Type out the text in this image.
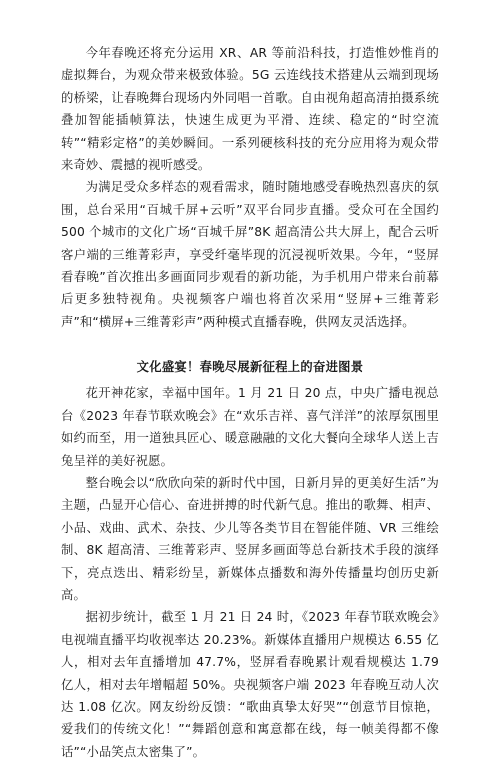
今年春晚还将充分运用 XR、AR 等前沿科技，打造惟妙惟肖的虚拟舞台，为观众带来极致体验。5G 云连线技术搭建从云端到现场的桥梁，让春晚舞台现场内外同唱一首歌。自由视角超高清拍摄系统叠加智能插帧算法，快速生成更为平滑、连续、稳定的“时空流转”“精彩定格”的美妙瞬间。一系列硬核科技的充分应用将为观众带来奇妙、震撼的视听感受。

为满足受众多样态的观看需求，随时随地感受春晚热烈喜庆的氛围，总台采用“百城千屏+云听”双平台同步直播。受众可在全国约 500 个城市的文化广场“百城千屏”8K 超高清公共大屏上，配合云听客户端的三维菁彩声，享受纤毫毕现的沉浸视听效果。今年，“竖屏看春晚”首次推出多画面同步观看的新功能，为手机用户带来台前幕后更多独特视角。央视频客户端也将首次采用“竖屏+三维菁彩声”和“横屏+三维菁彩声”两种模式直播春晚，供网友灵活选择。

文化盛宴！春晚尽展新征程上的奋进图景

花开神花家，幸福中国年。1 月 21 日 20 点，中央广播电视总台《2023 年春节联欢晚会》在“欢乐吉祥、喜气洋洋”的浓厚氛围里如约而至，用一道独具匠心、暖意融融的文化大餐向全球华人送上吉兔呈祥的美好祝愿。

整台晚会以“欣欣向荣的新时代中国，日新月异的更美好生活”为主题，凸显开心信心、奋进拼搏的时代新气息。推出的歌舞、相声、小品、戏曲、武术、杂技、少儿等各类节目在智能伴随、VR 三维绘制、8K 超高清、三维菁彩声、竖屏多画面等总台新技术手段的演绎下，亮点迭出、精彩纷呈，新媒体点播数和海外传播量均创历史新高。

据初步统计，截至 1 月 21 日 24 时，《2023 年春节联欢晚会》电视端直播平均收视率达 20.23%。新媒体直播用户规模达 6.55 亿人，相对去年直播增加 47.7%，竖屏看春晚累计观看规模达 1.79 亿人，相对去年增幅超 50%。央视频客户端 2023 年春晚互动人次达 1.08 亿次。网友纷纷反馈：“歌曲真挚太好哭”“创意节目惊艳，爱我们的传统文化！”“舞蹈创意和寓意都在线，每一帧美得都不像话”“小品笑点太密集了”。
